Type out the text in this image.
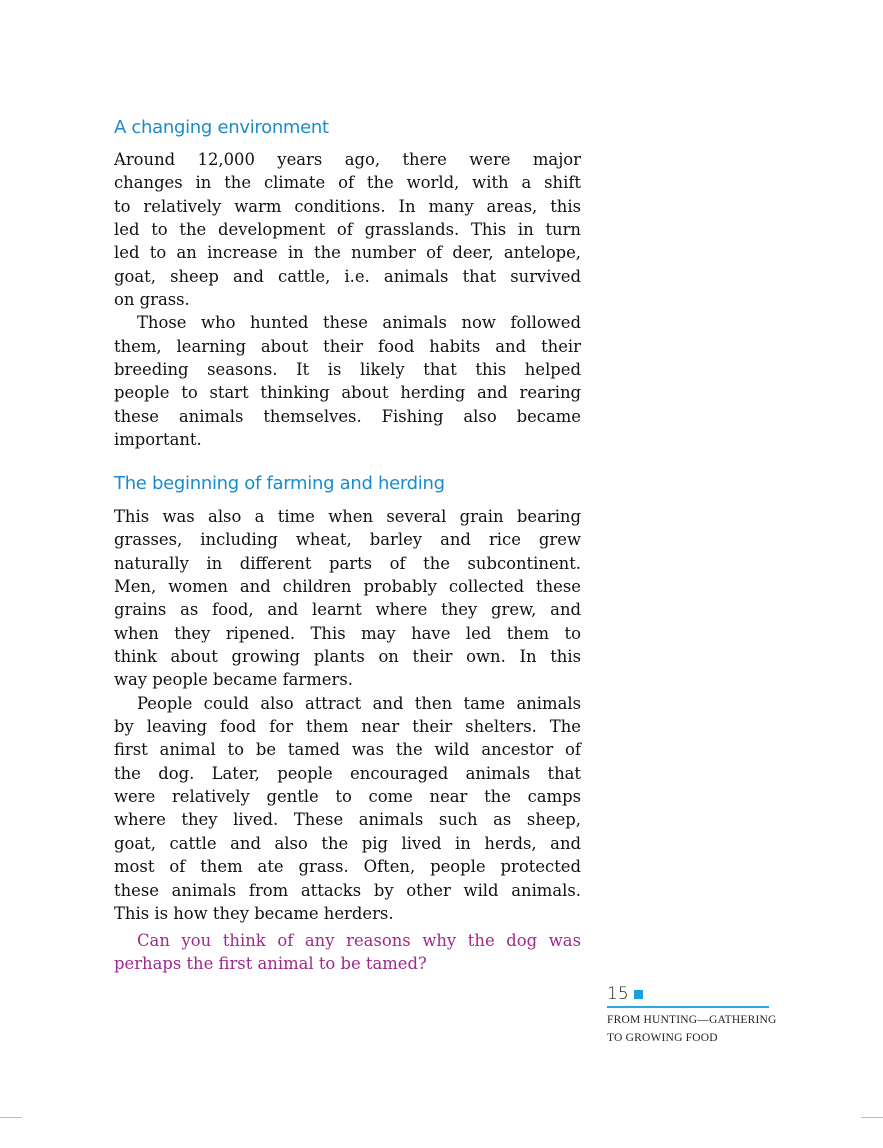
A changing environment
Around 12,000 years ago, there were major
changes in the climate of the world, with a shift
to relatively warm conditions. In many areas, this
led to the development of grasslands. This in turn
led to an increase in the number of deer, antelope,
goat, sheep and cattle, i.e. animals that survived
on grass.
Those who hunted these animals now followed
them, learning about their food habits and their
breeding seasons. It is likely that this helped
people to start thinking about herding and rearing
these animals themselves. Fishing also became
important.
The beginning of farming and herding
This was also a time when several grain bearing
grasses, including wheat, barley and rice grew
naturally in different parts of the subcontinent.
Men, women and children probably collected these
grains as food, and learnt where they grew, and
when they ripened. This may have led them to
think about growing plants on their own. In this
way people became farmers.
People could also attract and then tame animals
by leaving food for them near their shelters. The
first animal to be tamed was the wild ancestor of
the dog. Later, people encouraged animals that
were relatively gentle to come near the camps
where they lived. These animals such as sheep,
goat, cattle and also the pig lived in herds, and
most of them ate grass. Often, people protected
these animals from attacks by other wild animals.
This is how they became herders.
Can you think of any reasons why the dog was
perhaps the first animal to be tamed?
15
FROM HUNTING—GATHERING
TO GROWING FOOD
